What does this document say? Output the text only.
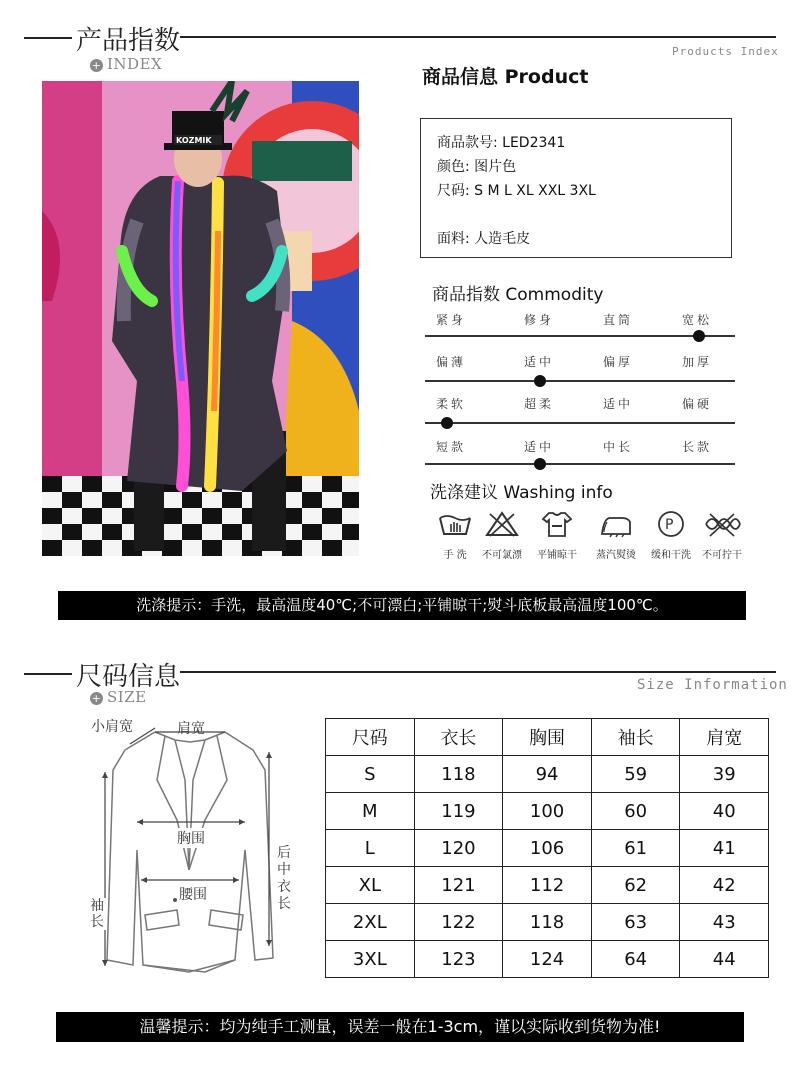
产品指数
+ INDEX
Products Index
KOZMIK
商品信息 Product
商品款号: LED2341
颜色: 图片色
尺码: S M L XL XXL 3XL
面料: 人造毛皮
商品指数 Commodity
紧身	修身	直筒	宽松
偏薄	适中	偏厚	加厚
柔软	超柔	适中	偏硬
短款	适中	中长	长款
洗涤建议 Washing info
手 洗	不可氯漂	平铺晾干	蒸汽熨烫
P
缓和干洗	不可拧干
洗涤提示：手洗，最高温度40℃;不可漂白;平铺晾干;熨斗底板最高温度100℃。
尺码信息
+ SIZE
Size Information
小肩宽	肩宽
胸围
腰围
袖长
后中衣长
尺码	衣长	胸围	袖长	肩宽
S	118	94	59	39
M	119	100	60	40
L	120	106	61	41
XL	121	112	62	42
2XL	122	118	63	43
3XL	123	124	64	44
温馨提示：均为纯手工测量，误差一般在1-3cm，谨以实际收到货物为准!
